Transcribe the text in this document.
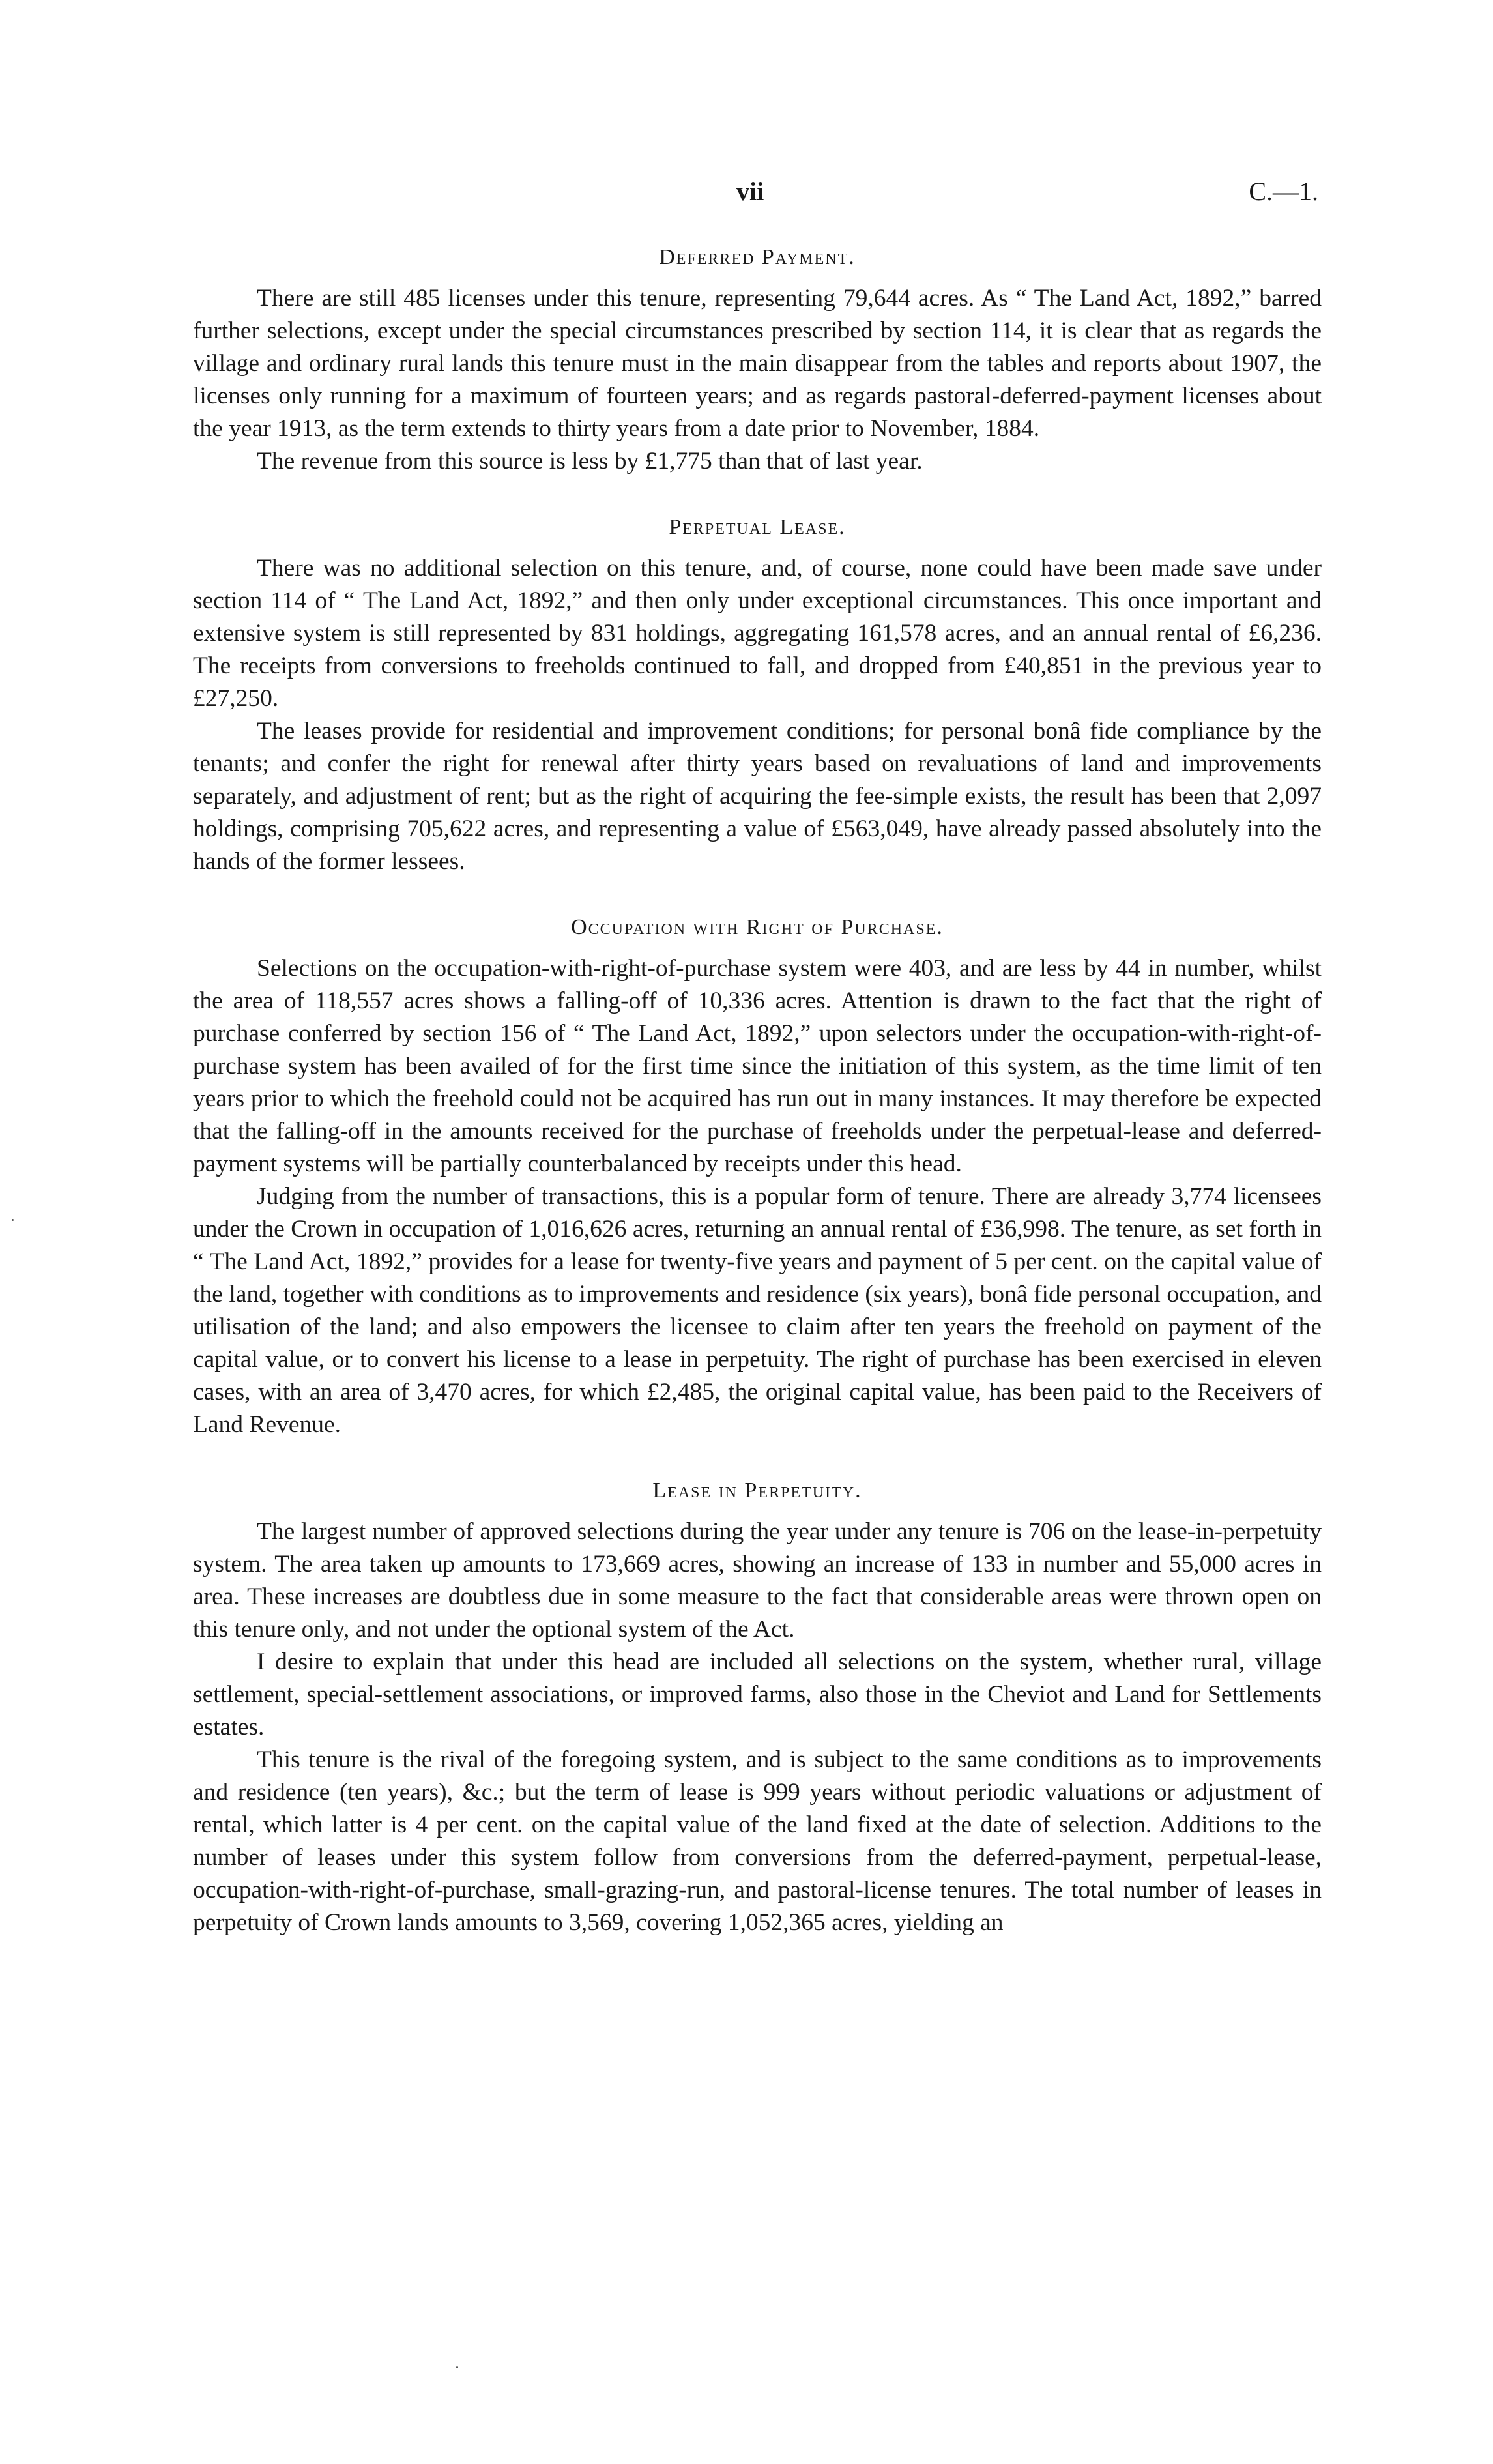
vii	C.—1.
Deferred Payment.

There are still 485 licenses under this tenure, representing 79,644 acres. As “ The Land Act, 1892,” barred further selections, except under the special circumstances prescribed by section 114, it is clear that as regards the village and ordinary rural lands this tenure must in the main disappear from the tables and reports about 1907, the licenses only running for a maximum of fourteen years; and as regards pastoral-deferred-payment licenses about the year 1913, as the term extends to thirty years from a date prior to November, 1884.

The revenue from this source is less by £1,775 than that of last year.

Perpetual Lease.

There was no additional selection on this tenure, and, of course, none could have been made save under section 114 of “ The Land Act, 1892,” and then only under exceptional circumstances. This once important and extensive system is still represented by 831 holdings, aggregating 161,578 acres, and an annual rental of £6,236. The receipts from conversions to freeholds continued to fall, and dropped from £40,851 in the previous year to £27,250.

The leases provide for residential and improvement conditions; for personal bonâ fide compliance by the tenants; and confer the right for renewal after thirty years based on revaluations of land and improvements separately, and adjustment of rent; but as the right of acquiring the fee-simple exists, the result has been that 2,097 holdings, comprising 705,622 acres, and representing a value of £563,049, have already passed absolutely into the hands of the former lessees.

Occupation with Right of Purchase.

Selections on the occupation-with-right-of-purchase system were 403, and are less by 44 in number, whilst the area of 118,557 acres shows a falling-off of 10,336 acres. Attention is drawn to the fact that the right of purchase conferred by section 156 of “ The Land Act, 1892,” upon selectors under the occupation-with-right-of-purchase system has been availed of for the first time since the initiation of this system, as the time limit of ten years prior to which the freehold could not be acquired has run out in many instances. It may therefore be expected that the falling-off in the amounts received for the purchase of freeholds under the perpetual-lease and deferred-payment systems will be partially counterbalanced by receipts under this head.

Judging from the number of transactions, this is a popular form of tenure. There are already 3,774 licensees under the Crown in occupation of 1,016,626 acres, returning an annual rental of £36,998. The tenure, as set forth in “ The Land Act, 1892,” provides for a lease for twenty-five years and payment of 5 per cent. on the capital value of the land, together with conditions as to improvements and residence (six years), bonâ fide personal occupation, and utilisation of the land; and also empowers the licensee to claim after ten years the freehold on payment of the capital value, or to convert his license to a lease in perpetuity. The right of purchase has been exercised in eleven cases, with an area of 3,470 acres, for which £2,485, the original capital value, has been paid to the Receivers of Land Revenue.

Lease in Perpetuity.

The largest number of approved selections during the year under any tenure is 706 on the lease-in-perpetuity system. The area taken up amounts to 173,669 acres, showing an increase of 133 in number and 55,000 acres in area. These increases are doubtless due in some measure to the fact that considerable areas were thrown open on this tenure only, and not under the optional system of the Act.

I desire to explain that under this head are included all selections on the system, whether rural, village settlement, special-settlement associations, or improved farms, also those in the Cheviot and Land for Settlements estates.

This tenure is the rival of the foregoing system, and is subject to the same conditions as to improvements and residence (ten years), &c.; but the term of lease is 999 years without periodic valuations or adjustment of rental, which latter is 4 per cent. on the capital value of the land fixed at the date of selection. Additions to the number of leases under this system follow from conversions from the deferred-payment, perpetual-lease, occupation-with-right-of-purchase, small-grazing-run, and pastoral-license tenures. The total number of leases in perpetuity of Crown lands amounts to 3,569, covering 1,052,365 acres, yielding an
